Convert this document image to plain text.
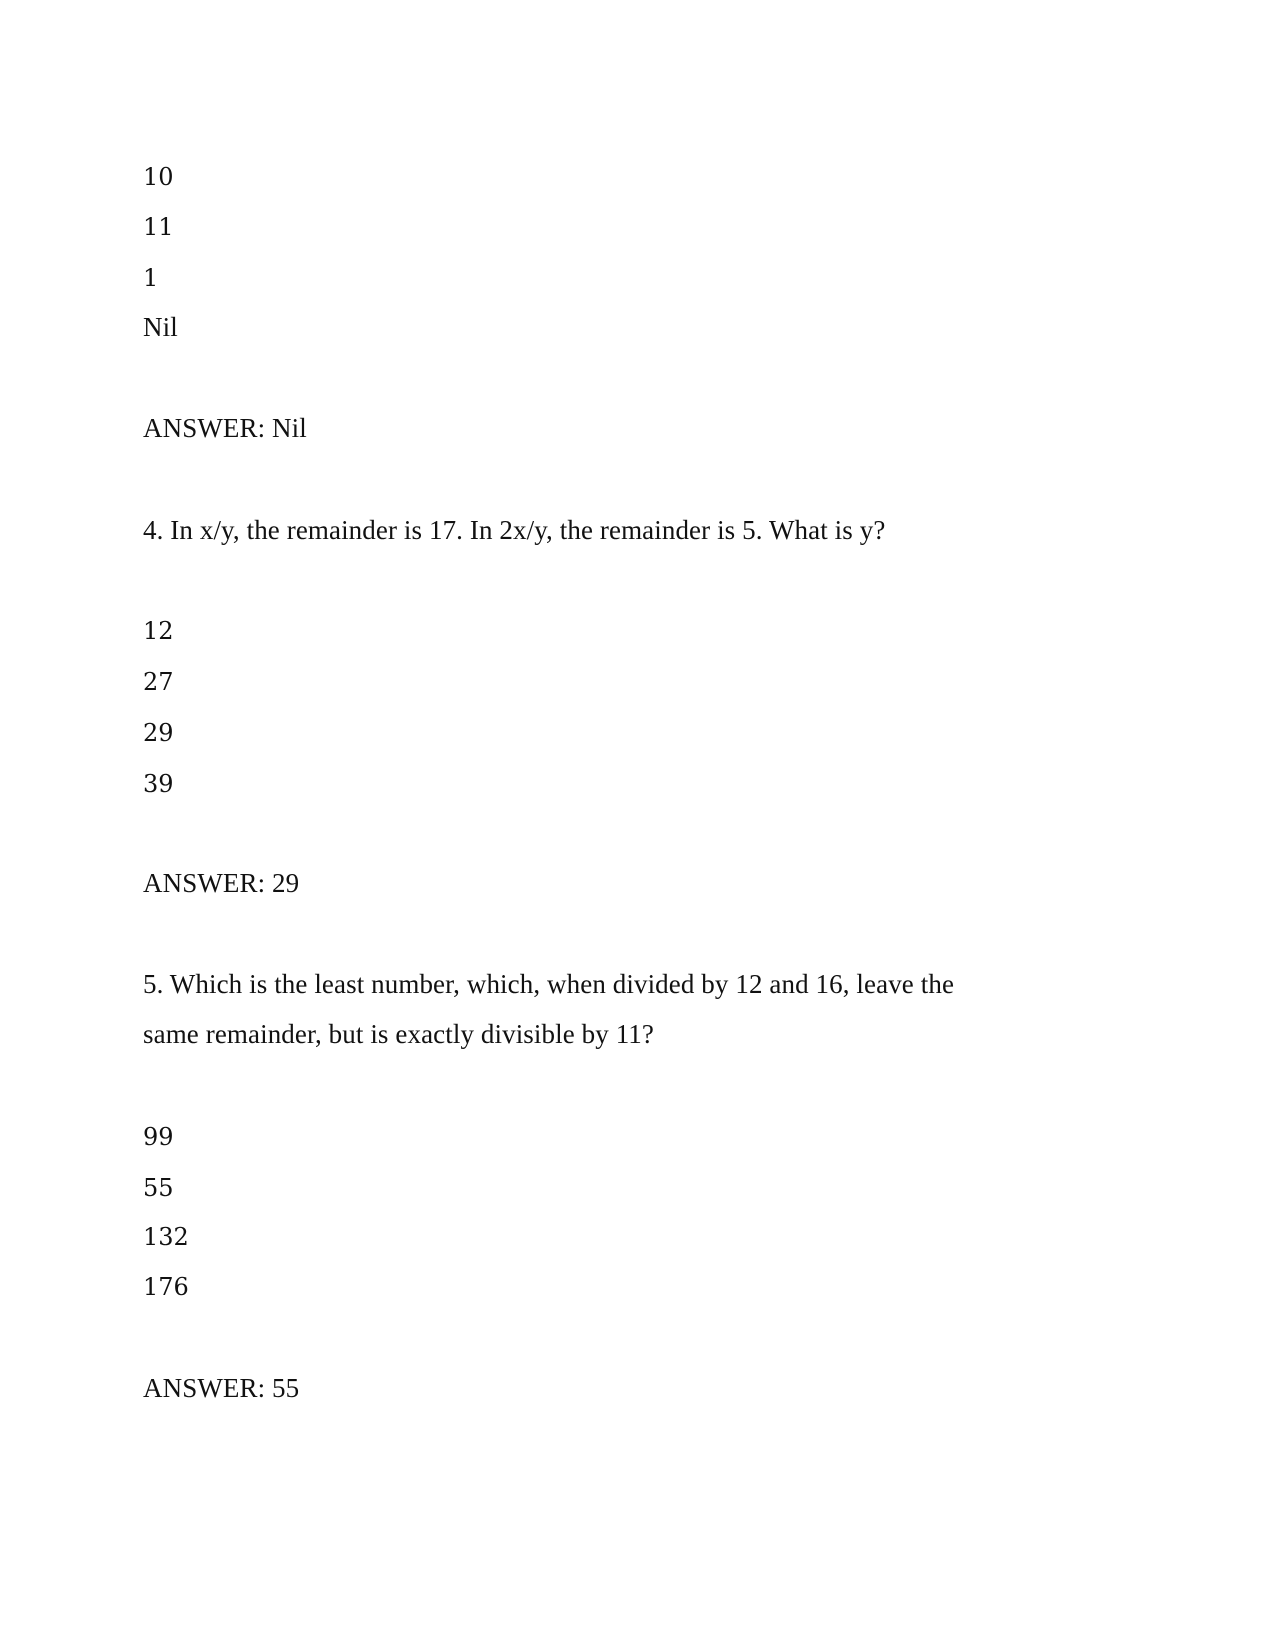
10
11
1
Nil
ANSWER: Nil
4. In x/y, the remainder is 17. In 2x/y, the remainder is 5. What is y?
12
27
29
39
ANSWER: 29
5. Which is the least number, which, when divided by 12 and 16, leave the
same remainder, but is exactly divisible by 11?
99
55
132
176
ANSWER: 55
